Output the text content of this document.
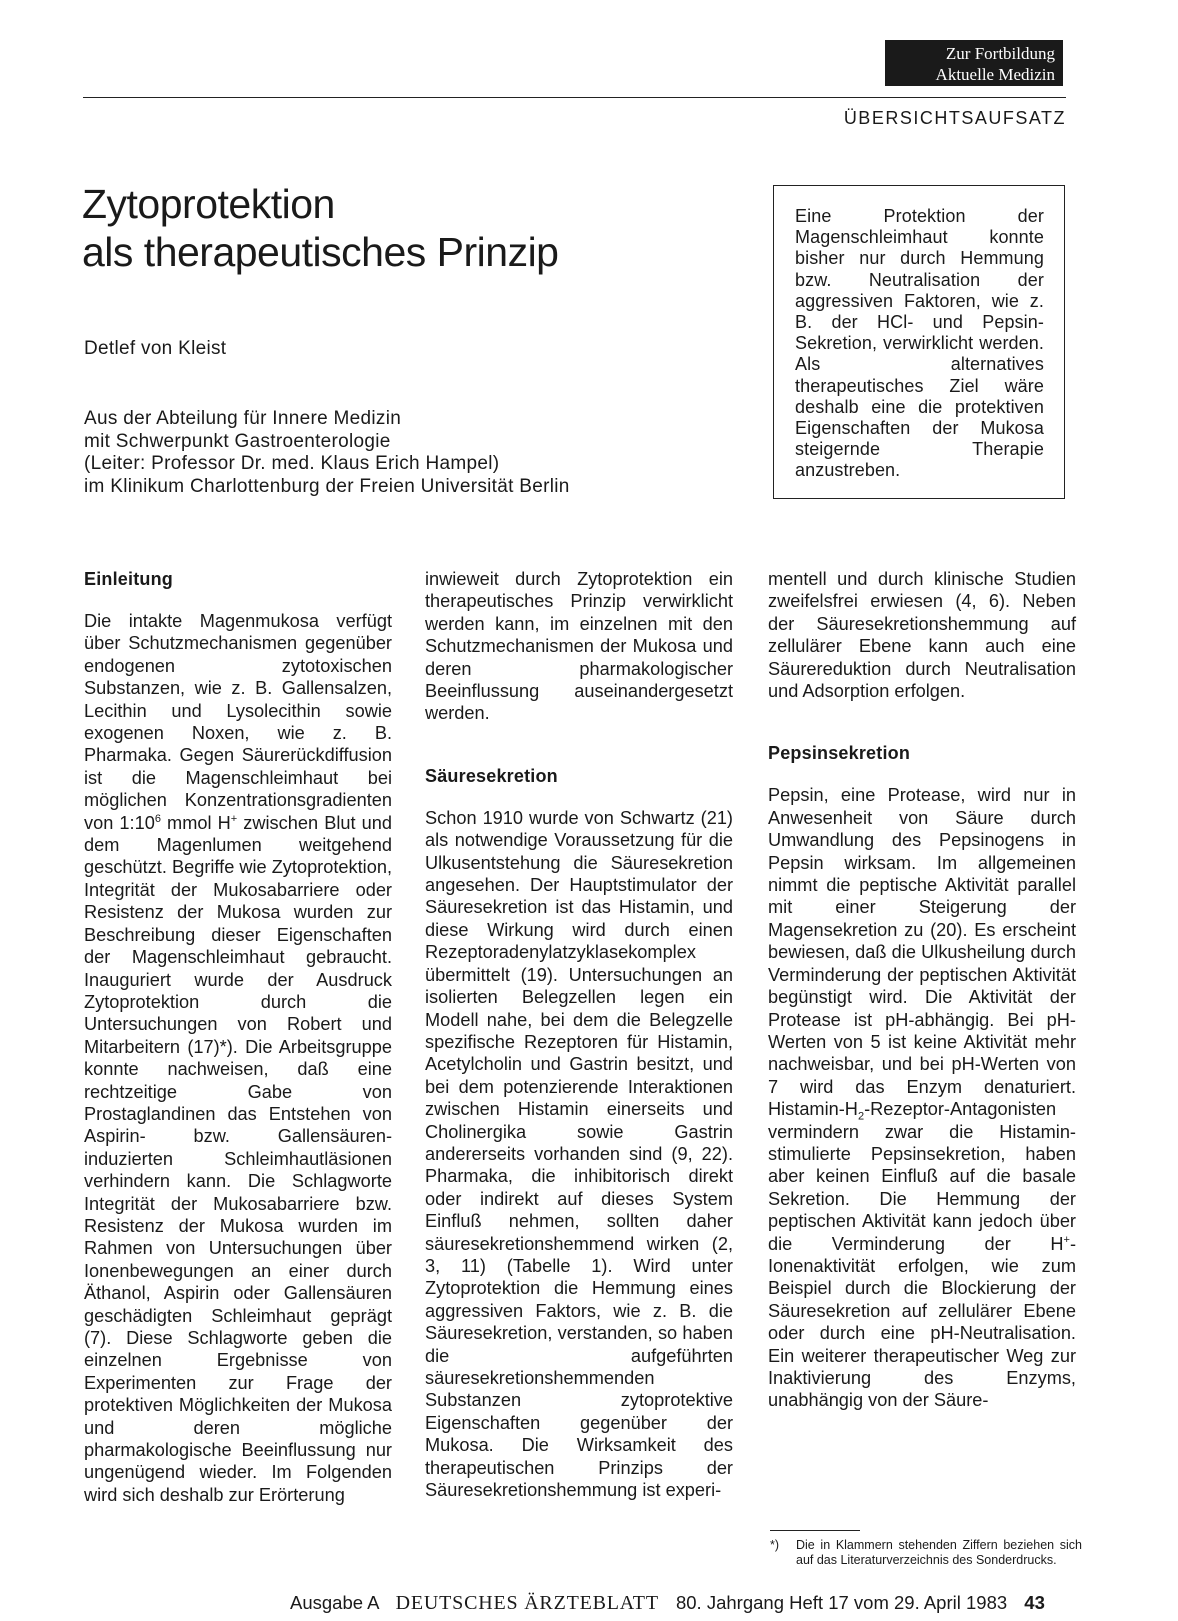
Zur Fortbildung
Aktuelle Medizin
ÜBERSICHTSAUFSATZ
Zytoprotektion
als therapeutisches Prinzip
Detlef von Kleist
Aus der Abteilung für Innere Medizin
mit Schwerpunkt Gastroenterologie
(Leiter: Professor Dr. med. Klaus Erich Hampel)
im Klinikum Charlottenburg der Freien Universität Berlin
Eine Protektion der Magenschleimhaut konnte bisher nur durch Hemmung bzw. Neutralisation der aggressiven Faktoren, wie z. B. der HCl- und Pepsin-Sekretion, verwirklicht werden. Als alternatives therapeutisches Ziel wäre deshalb eine die protektiven Eigenschaften der Mukosa steigernde Therapie anzustreben.
Einleitung

Die intakte Magenmukosa verfügt über Schutzmechanismen gegenüber endogenen zytotoxischen Substanzen, wie z. B. Gallensalzen, Lecithin und Lysolecithin sowie exogenen Noxen, wie z. B. Pharmaka. Gegen Säurerückdiffusion ist die Magenschleimhaut bei möglichen Konzentrationsgradienten von $1:10^6$ mmol H+ zwischen Blut und dem Magenlumen weitgehend geschützt. Begriffe wie Zytoprotektion, Integrität der Mukosabarriere oder Resistenz der Mukosa wurden zur Beschreibung dieser Eigenschaften der Magenschleimhaut gebraucht. Inauguriert wurde der Ausdruck Zytoprotektion durch die Untersuchungen von Robert und Mitarbeitern (17)*). Die Arbeitsgruppe konnte nachweisen, daß eine rechtzeitige Gabe von Prostaglandinen das Entstehen von Aspirin- bzw. Gallensäuren-induzierten Schleimhautläsionen verhindern kann. Die Schlagworte Integrität der Mukosabarriere bzw. Resistenz der Mukosa wurden im Rahmen von Untersuchungen über Ionenbewegungen an einer durch Äthanol, Aspirin oder Gallensäuren geschädigten Schleimhaut geprägt (7). Diese Schlagworte geben die einzelnen Ergebnisse von Experimenten zur Frage der protektiven Möglichkeiten der Mukosa und deren mögliche pharmakologische Beeinflussung nur ungenügend wieder. Im Folgenden wird sich deshalb zur Erörterung

inwieweit durch Zytoprotektion ein therapeutisches Prinzip verwirklicht werden kann, im einzelnen mit den Schutzmechanismen der Mukosa und deren pharmakologischer Beeinflussung auseinandergesetzt werden.

Säuresekretion

Schon 1910 wurde von Schwartz (21) als notwendige Voraussetzung für die Ulkusentstehung die Säuresekretion angesehen. Der Hauptstimulator der Säuresekretion ist das Histamin, und diese Wirkung wird durch einen Rezeptoradenylatzyklasekomplex übermittelt (19). Untersuchungen an isolierten Belegzellen legen ein Modell nahe, bei dem die Belegzelle spezifische Rezeptoren für Histamin, Acetylcholin und Gastrin besitzt, und bei dem potenzierende Interaktionen zwischen Histamin einerseits und Cholinergika sowie Gastrin andererseits vorhanden sind (9, 22). Pharmaka, die inhibitorisch direkt oder indirekt auf dieses System Einfluß nehmen, sollten daher säuresekretionshemmend wirken (2, 3, 11) (Tabelle 1). Wird unter Zytoprotektion die Hemmung eines aggressiven Faktors, wie z. B. die Säuresekretion, verstanden, so haben die aufgeführten säuresekretionshemmenden Substanzen zytoprotektive Eigenschaften gegenüber der Mukosa. Die Wirksamkeit des therapeutischen Prinzips der Säuresekretionshemmung ist experi-

mentell und durch klinische Studien zweifelsfrei erwiesen (4, 6). Neben der Säuresekretionshemmung auf zellulärer Ebene kann auch eine Säurereduktion durch Neutralisation und Adsorption erfolgen.

Pepsinsekretion

Pepsin, eine Protease, wird nur in Anwesenheit von Säure durch Umwandlung des Pepsinogens in Pepsin wirksam. Im allgemeinen nimmt die peptische Aktivität parallel mit einer Steigerung der Magensekretion zu (20). Es erscheint bewiesen, daß die Ulkusheilung durch Verminderung der peptischen Aktivität begünstigt wird. Die Aktivität der Protease ist pH-abhängig. Bei pH-Werten von 5 ist keine Aktivität mehr nachweisbar, und bei pH-Werten von 7 wird das Enzym denaturiert. Histamin-$H_2-Rezeptor$-Antagonisten vermindern zwar die Histamin-stimulierte Pepsinsekretion, haben aber keinen Einfluß auf die basale Sekretion. Die Hemmung der peptischen Aktivität kann jedoch über die Verminderung der H+-Ionenaktivität erfolgen, wie zum Beispiel durch die Blockierung der Säuresekretion auf zellulärer Ebene oder durch eine pH-Neutralisation. Ein weiterer therapeutischer Weg zur Inaktivierung des Enzyms, unabhängig von der Säure-

*) Die in Klammern stehenden Ziffern beziehen sich auf das Literaturverzeichnis des Sonderdrucks.
Ausgabe A DEUTSCHES ÄRZTEBLATT 80. Jahrgang Heft 17 vom 29. April 1983 43
